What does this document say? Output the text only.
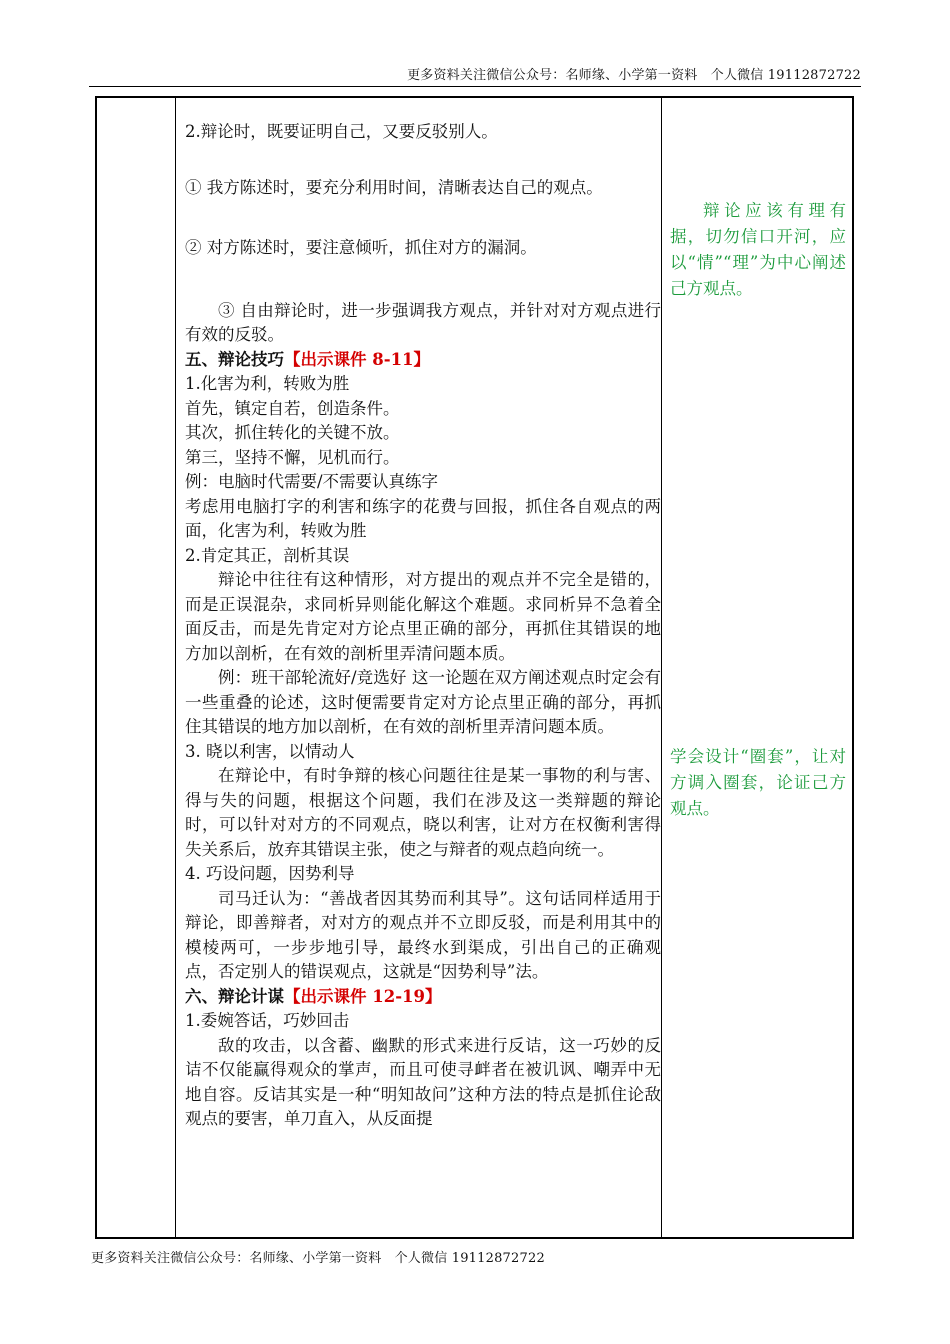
更多资料关注微信公众号：名师缘、小学第一资料　个人微信 19112872722

2.辩论时，既要证明自己，又要反驳别人。

① 我方陈述时，要充分利用时间，清晰表达自己的观点。

② 对方陈述时，要注意倾听，抓住对方的漏洞。

③ 自由辩论时，进一步强调我方观点，并针对对方观点进行有效的反驳。

五、辩论技巧【出示课件 8-11】

1.化害为利，转败为胜

首先，镇定自若，创造条件。

其次，抓住转化的关键不放。

第三，坚持不懈，见机而行。

例：电脑时代需要/不需要认真练字

考虑用电脑打字的利害和练字的花费与回报，抓住各自观点的两面，化害为利，转败为胜

2.肯定其正，剖析其误

辩论中往往有这种情形，对方提出的观点并不完全是错的，而是正误混杂，求同析异则能化解这个难题。求同析异不急着全面反击，而是先肯定对方论点里正确的部分，再抓住其错误的地方加以剖析，在有效的剖析里弄清问题本质。

例：班干部轮流好/竞选好 这一论题在双方阐述观点时定会有一些重叠的论述，这时便需要肯定对方论点里正确的部分，再抓住其错误的地方加以剖析，在有效的剖析里弄清问题本质。

3. 晓以利害，以情动人

在辩论中，有时争辩的核心问题往往是某一事物的利与害、得与失的问题，根据这个问题，我们在涉及这一类辩题的辩论时，可以针对对方的不同观点，晓以利害，让对方在权衡利害得失关系后，放弃其错误主张，使之与辩者的观点趋向统一。

4. 巧设问题，因势利导

司马迁认为：“善战者因其势而利其导”。这句话同样适用于辩论，即善辩者，对对方的观点并不立即反驳，而是利用其中的模棱两可，一步步地引导，最终水到渠成，引出自己的正确观点，否定别人的错误观点，这就是“因势利导”法。

六、辩论计谋【出示课件 12-19】

1.委婉答话，巧妙回击

敌的攻击，以含蓄、幽默的形式来进行反诘，这一巧妙的反诘不仅能赢得观众的掌声，而且可使寻衅者在被讥讽、嘲弄中无地自容。反诘其实是一种“明知故问”这种方法的特点是抓住论敌观点的要害，单刀直入，从反面提

辩论应该有理有据，切勿信口开河，应以“情”“理”为中心阐述己方观点。
学会设计“圈套”，让对方调入圈套，论证己方观点。
更多资料关注微信公众号：名师缘、小学第一资料　个人微信 19112872722
